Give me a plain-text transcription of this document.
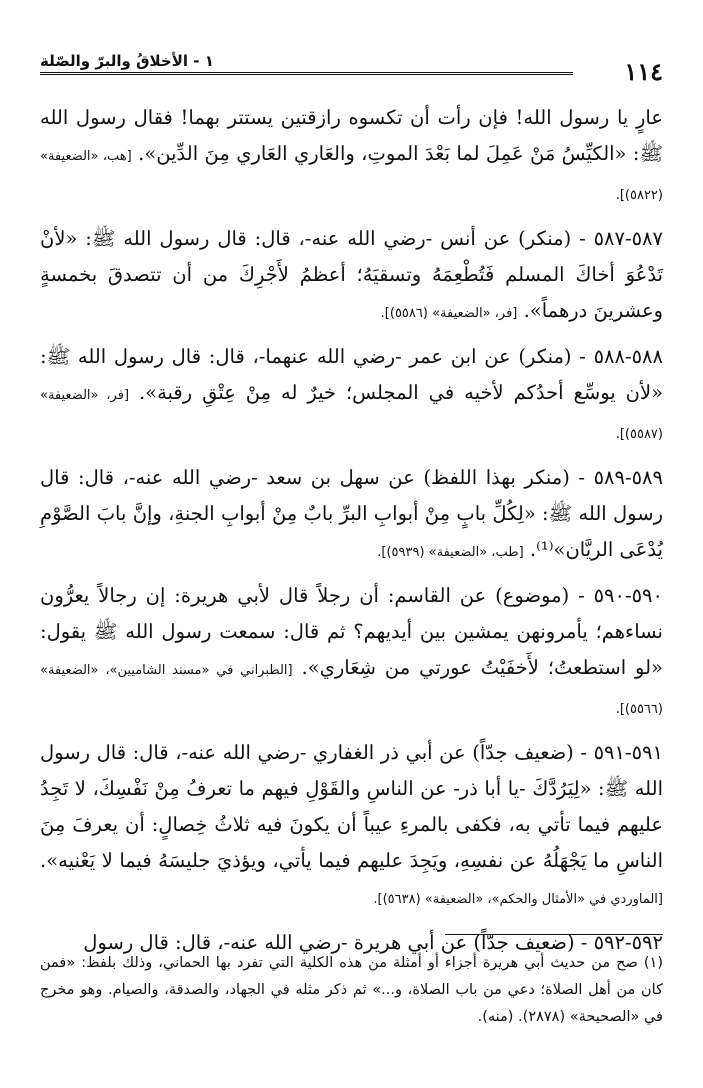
١١٤
١ - الأخلاقُ والبرّ والصّلة

عارٍ يا رسول الله! فإن رأت أن تكسوه رازقتين يستتر بهما! فقال رسول الله ﷺ: «الكيِّسُ مَنْ عَمِلَ لما بَعْدَ الموتِ، والعَاري العَاري مِنَ الدِّين». [هب، «الضعيفة» (٥٨٢٢)].

٥٨٧-٥٨٧ - (منكر) عن أنس -رضي الله عنه-، قال: قال رسول الله ﷺ: «لأنْ تَدْعُوَ أخاكَ المسلم فَتُطْعِمَهُ وتسقيَهُ؛ أعظمُ لأَجْرِكَ من أن تتصدقَ بخمسةٍ وعشرينَ درهماً». [فر، «الضعيفة» (٥٥٨٦)].

٥٨٨-٥٨٨ - (منكر) عن ابن عمر -رضي الله عنهما-، قال: قال رسول الله ﷺ: «لأن يوسِّع أحدُكم لأخيه في المجلس؛ خيرٌ له مِنْ عِتْقِ رقبة». [فر، «الضعيفة» (٥٥٨٧)].

٥٨٩-٥٨٩ - (منكر بهذا اللفظ) عن سهل بن سعد -رضي الله عنه-، قال: قال رسول الله ﷺ: «لِكُلِّ بابٍ مِنْ أبوابِ البرِّ بابٌ مِنْ أبوابِ الجنةِ، وإنَّ بابَ الصَّوْمِ يُدْعَى الريَّان»⁽¹⁾. [طب، «الضعيفة» (٥٩٣٩)].

٥٩٠-٥٩٠ - (موضوع) عن القاسم: أن رجلاً قال لأبي هريرة: إن رجالاً يعرُّون نساءهم؛ يأمرونهن يمشين بين أيديهم؟ ثم قال: سمعت رسول الله ﷺ يقول: «لو استطعتُ؛ لأَخفَيْتُ عورتي من شِعَاري». [الطبراني في «مسند الشاميين»، «الضعيفة» (٥٥٦٦)].

٥٩١-٥٩١ - (ضعيف جدّاً) عن أبي ذر الغفاري -رضي الله عنه-، قال: قال رسول الله ﷺ: «لِيَرُدَّكَ -يا أبا ذر- عن الناسِ والقَوْلِ فيهم ما تعرفُ مِنْ نَفْسِكَ، لا تَجِدُ عليهم فيما تأتي به، فكفى بالمرءِ عيباً أن يكونَ فيه ثلاثُ خِصالٍ: أن يعرفَ مِنَ الناسِ ما يَجْهَلُهُ عن نفسِهِ، ويَجِدَ عليهم فيما يأتي، ويؤذيَ جليسَهُ فيما لا يَعْنيه». [الماوردي في «الأمثال والحكم»، «الضعيفة» (٥٦٣٨)].

٥٩٢-٥٩٢ - (ضعيف جدّاً) عن أبي هريرة -رضي الله عنه-، قال: قال رسول

(١) صح من حديث أبي هريرة أجزاء أو أمثلة من هذه الكلية التي تفرد بها الحماني، وذلك بلفظ: «فمن كان من أهل الصلاة؛ دعي من باب الصلاة، و...» ثم ذكر مثله في الجهاد، والصدقة، والصيام. وهو مخرج في «الصحيحة» (٢٨٧٨). (منه).
